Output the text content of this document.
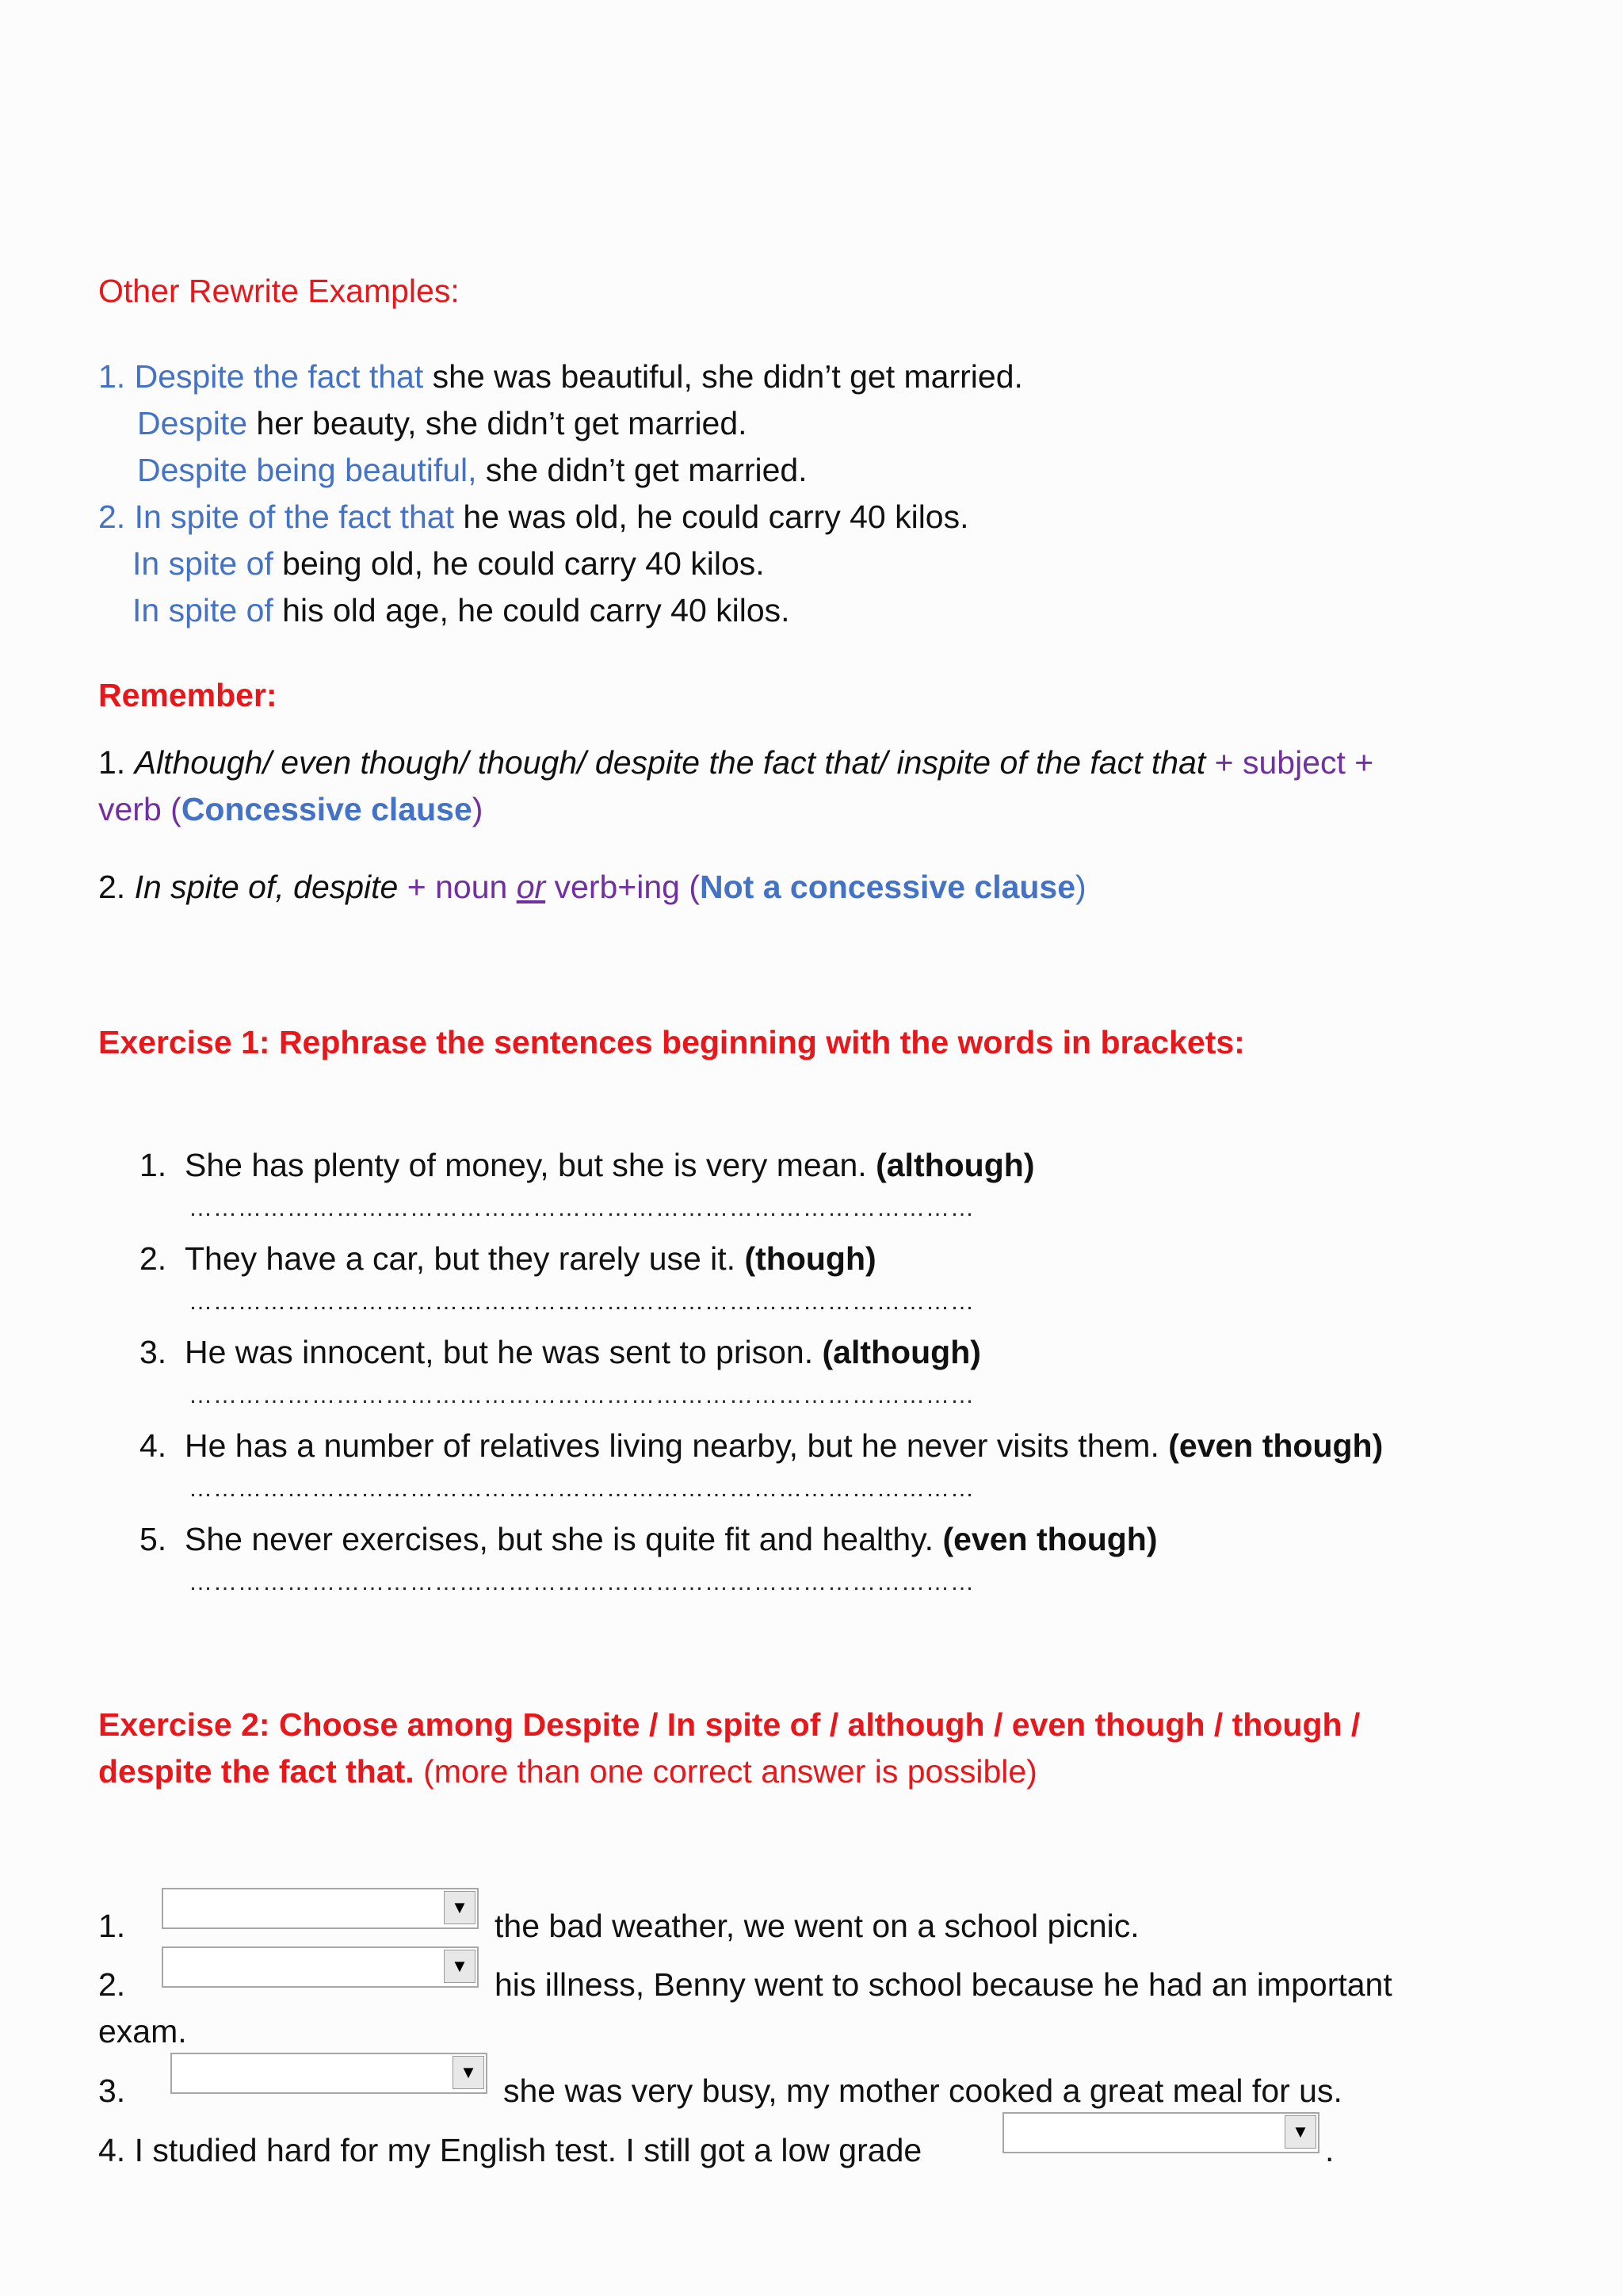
Other Rewrite Examples:
1. Despite the fact that she was beautiful, she didn’t get married.
Despite her beauty, she didn’t get married.
Despite being beautiful, she didn’t get married.
2. In spite of the fact that he was old, he could carry 40 kilos.
In spite of being old, he could carry 40 kilos.
In spite of his old age, he could carry 40 kilos.
Remember:
1. Although/ even though/ though/ despite the fact that/ inspite of the fact that + subject +
verb (Concessive clause)
2. In spite of, despite + noun or verb+ing (Not a concessive clause)
Exercise 1: Rephrase the sentences beginning with the words in brackets:
1. She has plenty of money, but she is very mean. (although)
……………………………………………………………………………………
2. They have a car, but they rarely use it. (though)
……………………………………………………………………………………
3. He was innocent, but he was sent to prison. (although)
……………………………………………………………………………………
4. He has a number of relatives living nearby, but he never visits them. (even though)
……………………………………………………………………………………
5. She never exercises, but she is quite fit and healthy. (even though)
……………………………………………………………………………………
Exercise 2: Choose among Despite / In spite of / although / even though / though /
despite the fact that. (more than one correct answer is possible)
1.
▼
the bad weather, we went on a school picnic.
2.
▼
his illness, Benny went to school because he had an important
exam.
3.
▼
she was very busy, my mother cooked a great meal for us.
4. I studied hard for my English test. I still got a low grade
▼
.
